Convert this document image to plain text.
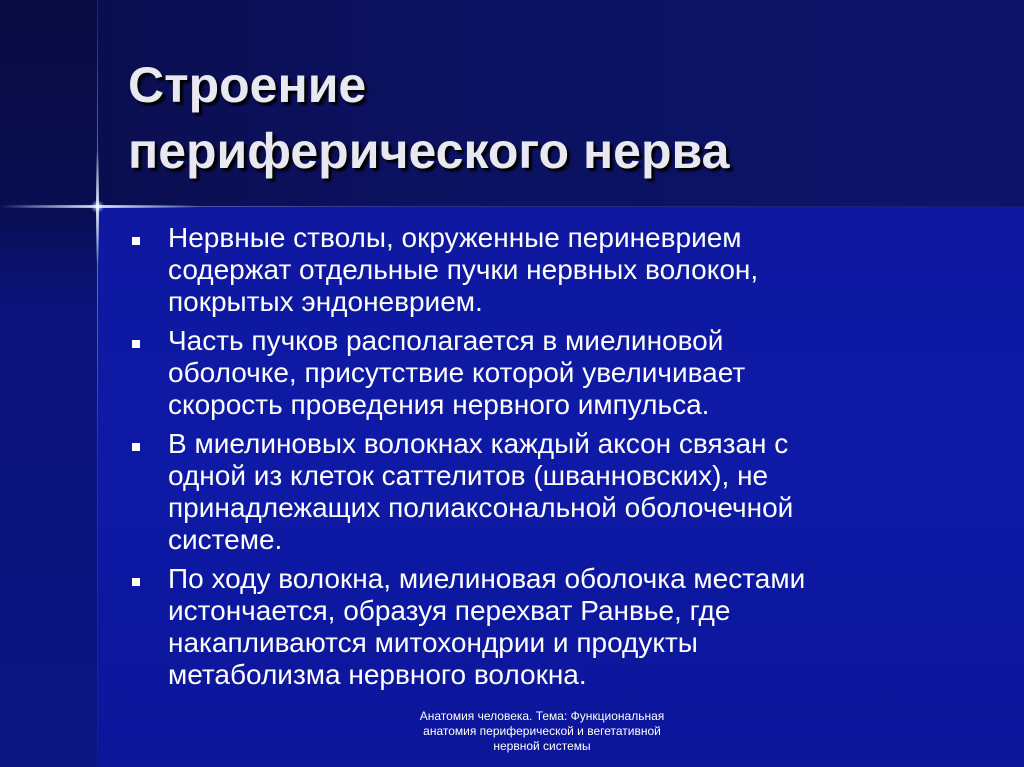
Строение
периферического нерва
Нервные стволы, окруженные периневрием
содержат отдельные пучки нервных волокон,
покрытых эндоневрием.
Часть пучков располагается в миелиновой
оболочке, присутствие которой увеличивает
скорость проведения нервного импульса.
В миелиновых волокнах каждый аксон связан с
одной из клеток саттелитов (шванновских), не
принадлежащих полиаксональной оболочечной
системе.
По ходу волокна, миелиновая оболочка местами
истончается, образуя перехват Ранвье, где
накапливаются митохондрии и продукты
метаболизма нервного волокна.
Анатомия человека. Тема: Функциональная
анатомия периферической и вегетативной
нервной системы
